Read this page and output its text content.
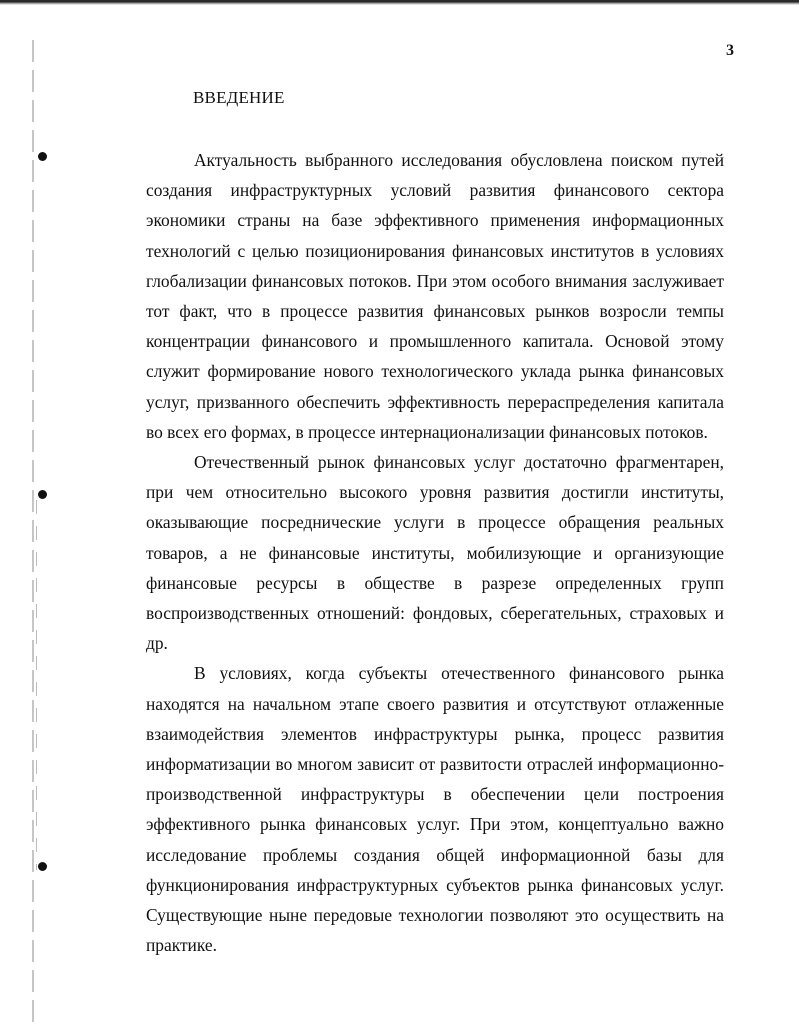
3
ВВЕДЕНИЕ

Актуальность выбранного исследования обусловлена поиском путей создания инфраструктурных условий развития финансового сектора экономики страны на базе эффективного применения информационных технологий с целью позиционирования финансовых институтов в условиях глобализации финансовых потоков. При этом особого внимания заслуживает тот факт, что в процессе развития финансовых рынков возросли темпы концентрации финансового и промышленного капитала. Основой этому служит формирование нового технологического уклада рынка финансовых услуг, призванного обеспечить эффективность перераспределения капитала во всех его формах, в процессе интернационализации финансовых потоков.

Отечественный рынок финансовых услуг достаточно фрагментарен, при чем относительно высокого уровня развития достигли институты, оказывающие посреднические услуги в процессе обращения реальных товаров, а не финансовые институты, мобилизующие и организующие финансовые ресурсы в обществе в разрезе определенных групп воспроизводственных отношений: фондовых, сберегательных, страховых и др.

В условиях, когда субъекты отечественного финансового рынка находятся на начальном этапе своего развития и отсутствуют отлаженные взаимодействия элементов инфраструктуры рынка, процесс развития информатизации во многом зависит от развитости отраслей информационно-производственной инфраструктуры в обеспечении цели построения эффективного рынка финансовых услуг. При этом, концептуально важно исследование проблемы создания общей информационной базы для функционирования инфраструктурных субъектов рынка финансовых услуг. Существующие ныне передовые технологии позволяют это осуществить на практике.
